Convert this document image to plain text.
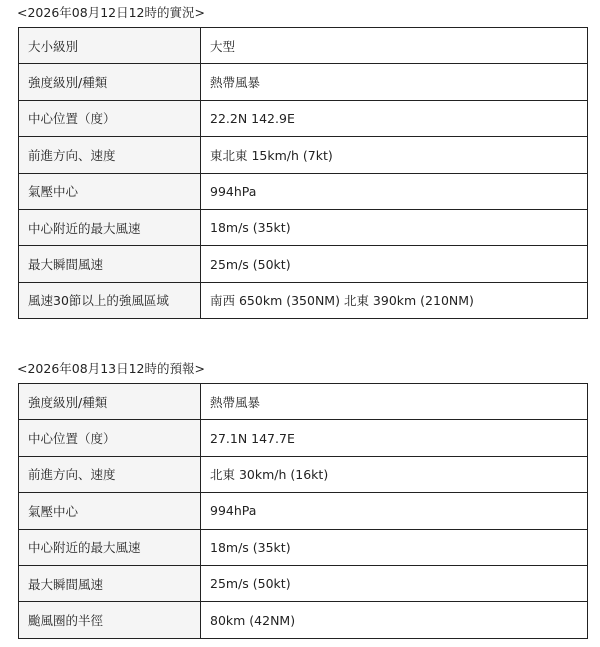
<2026年08月12日12時的實況>
大小級別	大型
強度級別/種類	熱帶風暴
中心位置（度）	22.2N 142.9E
前進方向、速度	東北東 15km/h (7kt)
氣壓中心	994hPa
中心附近的最大風速	18m/s (35kt)
最大瞬間風速	25m/s (50kt)
風速30節以上的強風區域	南西 650km (350NM) 北東 390km (210NM)
<2026年08月13日12時的預報>
強度級別/種類	熱帶風暴
中心位置（度）	27.1N 147.7E
前進方向、速度	北東 30km/h (16kt)
氣壓中心	994hPa
中心附近的最大風速	18m/s (35kt)
最大瞬間風速	25m/s (50kt)
颱風圈的半徑	80km (42NM)
